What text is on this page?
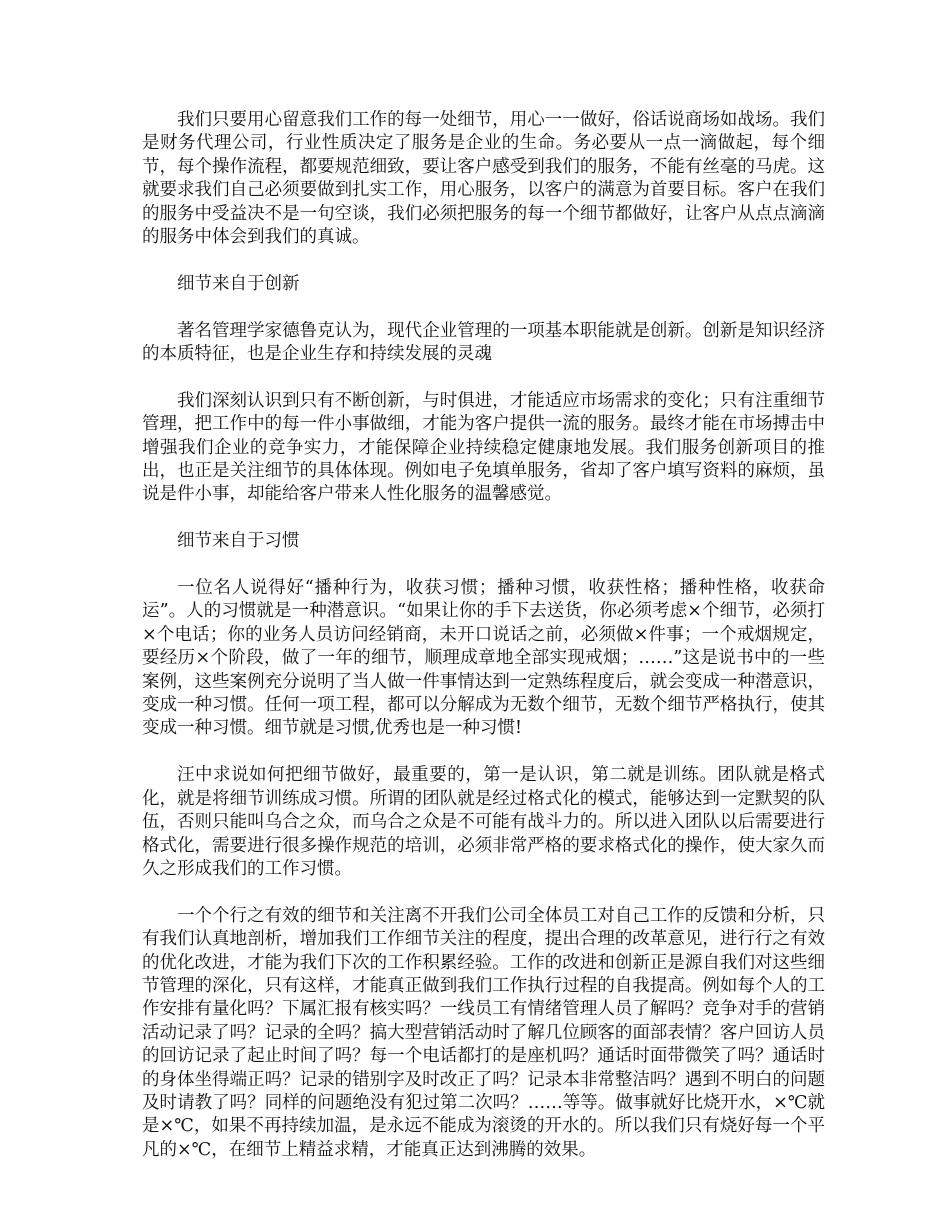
我们只要用心留意我们工作的每一处细节，用心一一做好，俗话说商场如战场。我们是财务代理公司，行业性质决定了服务是企业的生命。务必要从一点一滴做起，每个细节，每个操作流程，都要规范细致，要让客户感受到我们的服务，不能有丝毫的马虎。这就要求我们自己必须要做到扎实工作，用心服务，以客户的满意为首要目标。客户在我们的服务中受益决不是一句空谈，我们必须把服务的每一个细节都做好，让客户从点点滴滴的服务中体会到我们的真诚。

细节来自于创新

著名管理学家德鲁克认为，现代企业管理的一项基本职能就是创新。创新是知识经济的本质特征，也是企业生存和持续发展的灵魂

我们深刻认识到只有不断创新，与时俱进，才能适应市场需求的变化；只有注重细节管理，把工作中的每一件小事做细，才能为客户提供一流的服务。最终才能在市场搏击中增强我们企业的竞争实力，才能保障企业持续稳定健康地发展。我们服务创新项目的推出，也正是关注细节的具体体现。例如电子免填单服务，省却了客户填写资料的麻烦，虽说是件小事，却能给客户带来人性化服务的温馨感觉。

细节来自于习惯

一位名人说得好“播种行为，收获习惯；播种习惯，收获性格；播种性格，收获命运”。人的习惯就是一种潜意识。“如果让你的手下去送货，你必须考虑×个细节，必须打×个电话；你的业务人员访问经销商，未开口说话之前，必须做×件事；一个戒烟规定，要经历×个阶段，做了一年的细节，顺理成章地全部实现戒烟；……”这是说书中的一些案例，这些案例充分说明了当人做一件事情达到一定熟练程度后，就会变成一种潜意识，变成一种习惯。任何一项工程，都可以分解成为无数个细节，无数个细节严格执行，使其变成一种习惯。细节就是习惯,优秀也是一种习惯!

汪中求说如何把细节做好，最重要的，第一是认识，第二就是训练。团队就是格式化，就是将细节训练成习惯。所谓的团队就是经过格式化的模式，能够达到一定默契的队伍，否则只能叫乌合之众，而乌合之众是不可能有战斗力的。所以进入团队以后需要进行格式化，需要进行很多操作规范的培训，必须非常严格的要求格式化的操作，使大家久而久之形成我们的工作习惯。

一个个行之有效的细节和关注离不开我们公司全体员工对自己工作的反馈和分析，只有我们认真地剖析，增加我们工作细节关注的程度，提出合理的改革意见，进行行之有效的优化改进，才能为我们下次的工作积累经验。工作的改进和创新正是源自我们对这些细节管理的深化，只有这样，才能真正做到我们工作执行过程的自我提高。例如每个人的工作安排有量化吗？下属汇报有核实吗？一线员工有情绪管理人员了解吗？竞争对手的营销活动记录了吗？记录的全吗？搞大型营销活动时了解几位顾客的面部表情？客户回访人员的回访记录了起止时间了吗？每一个电话都打的是座机吗？通话时面带微笑了吗？通话时的身体坐得端正吗？记录的错别字及时改正了吗？记录本非常整洁吗？遇到不明白的问题及时请教了吗？同样的问题绝没有犯过第二次吗？……等等。做事就好比烧开水，×℃就是×℃，如果不再持续加温，是永远不能成为滚烫的开水的。所以我们只有烧好每一个平凡的×℃，在细节上精益求精，才能真正达到沸腾的效果。
